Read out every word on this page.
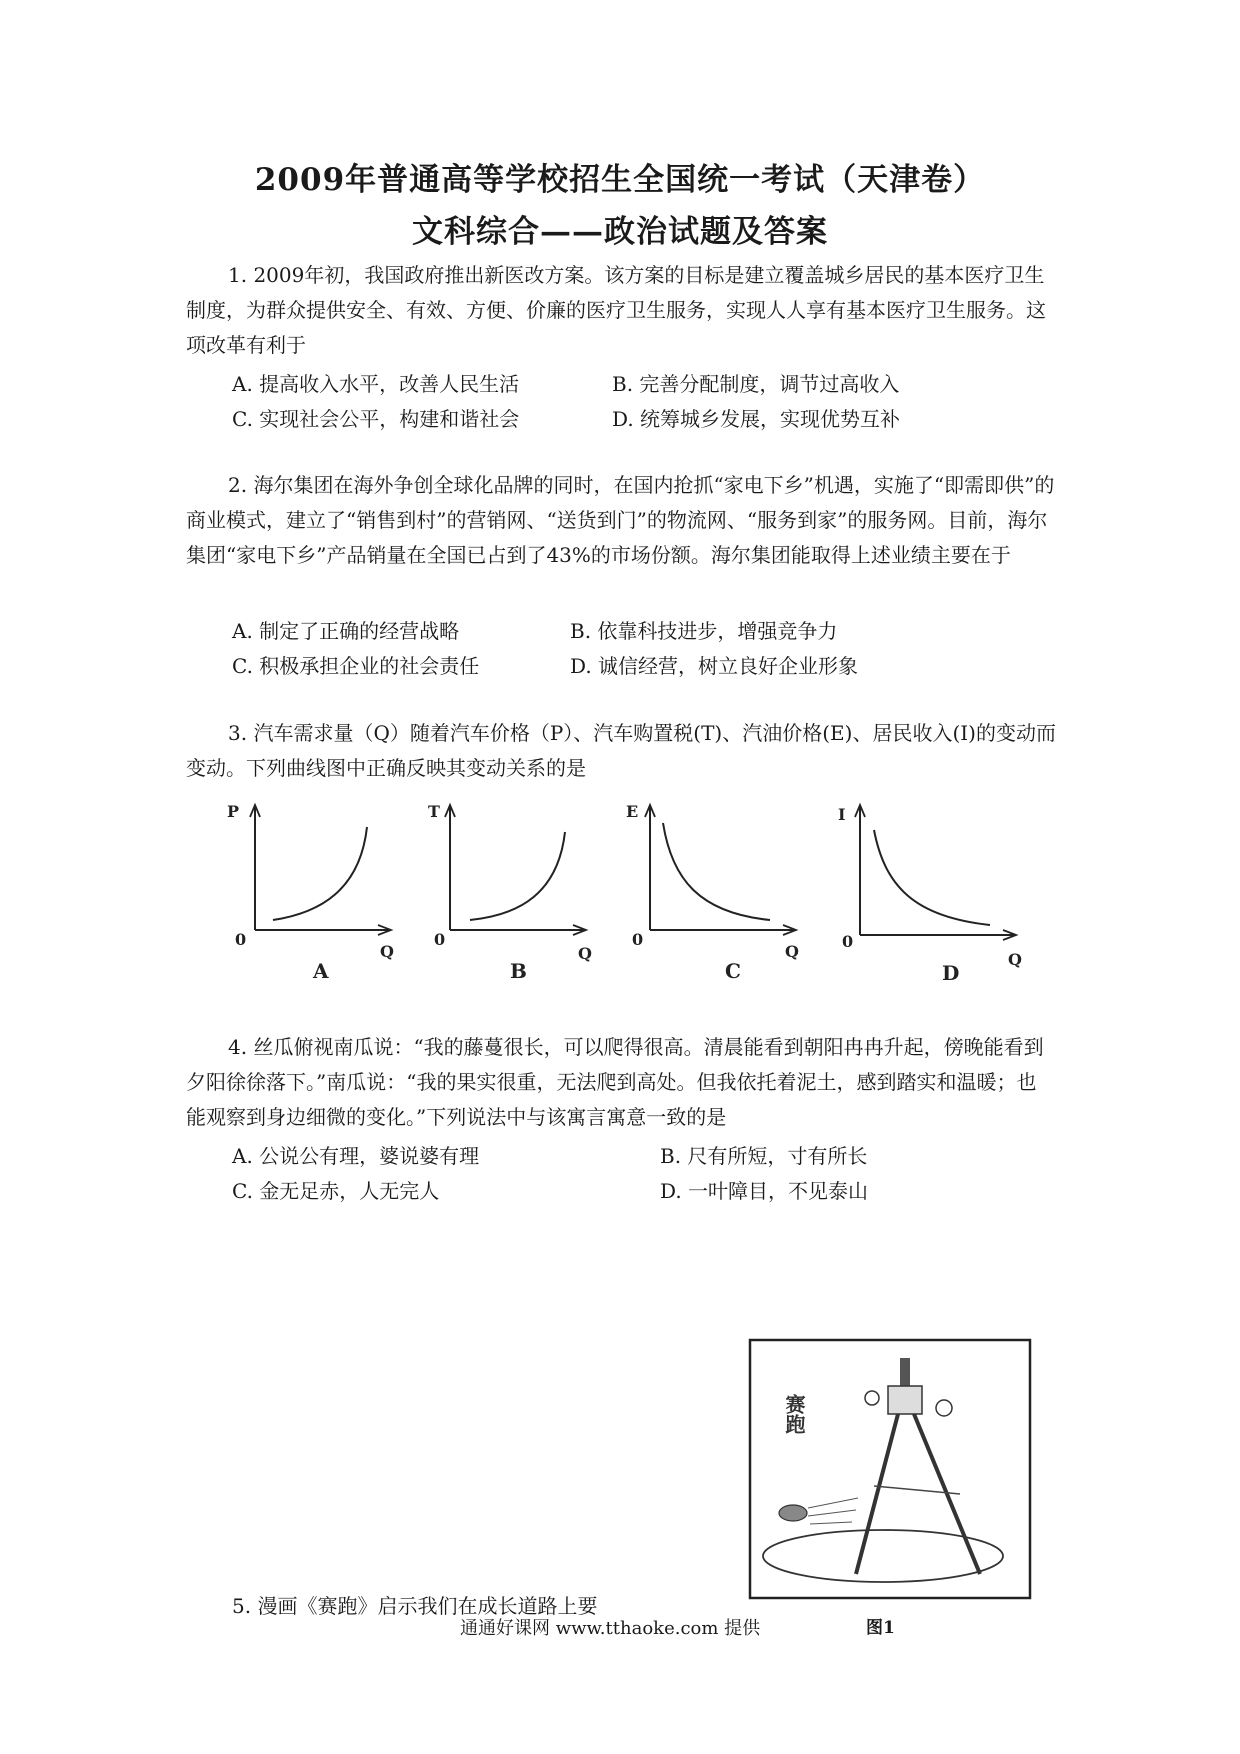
2009年普通高等学校招生全国统一考试（天津卷）
文科综合——政治试题及答案

1. 2009年初，我国政府推出新医改方案。该方案的目标是建立覆盖城乡居民的基本医疗卫生制度，为群众提供安全、有效、方便、价廉的医疗卫生服务，实现人人享有基本医疗卫生服务。这项改革有利于

A. 提高收入水平，改善人民生活	B. 完善分配制度，调节过高收入
C. 实现社会公平，构建和谐社会	D. 统筹城乡发展，实现优势互补

2. 海尔集团在海外争创全球化品牌的同时，在国内抢抓“家电下乡”机遇，实施了“即需即供”的商业模式，建立了“销售到村”的营销网、“送货到门”的物流网、“服务到家”的服务网。目前，海尔集团“家电下乡”产品销量在全国已占到了43%的市场份额。海尔集团能取得上述业绩主要在于

A. 制定了正确的经营战略	B. 依靠科技进步，增强竞争力
C. 积极承担企业的社会责任	D. 诚信经营，树立良好企业形象

3. 汽车需求量（Q）随着汽车价格（P）、汽车购置税(T)、汽油价格(E)、居民收入(I)的变动而变动。下列曲线图中正确反映其变动关系的是

P
0
Q
A
T
0
Q
B
E
0
Q
C
I
0
Q
D

4. 丝瓜俯视南瓜说：“我的藤蔓很长，可以爬得很高。清晨能看到朝阳冉冉升起，傍晚能看到夕阳徐徐落下。”南瓜说：“我的果实很重，无法爬到高处。但我依托着泥土，感到踏实和温暖；也能观察到身边细微的变化。”下列说法中与该寓言寓意一致的是

A. 公说公有理，婆说婆有理	B. 尺有所短，寸有所长
C. 金无足赤，人无完人	D. 一叶障目，不见泰山
5. 漫画《赛跑》启示我们在成长道路上要
赛跑
图1
通通好课网 www.tthaoke.com 提供
